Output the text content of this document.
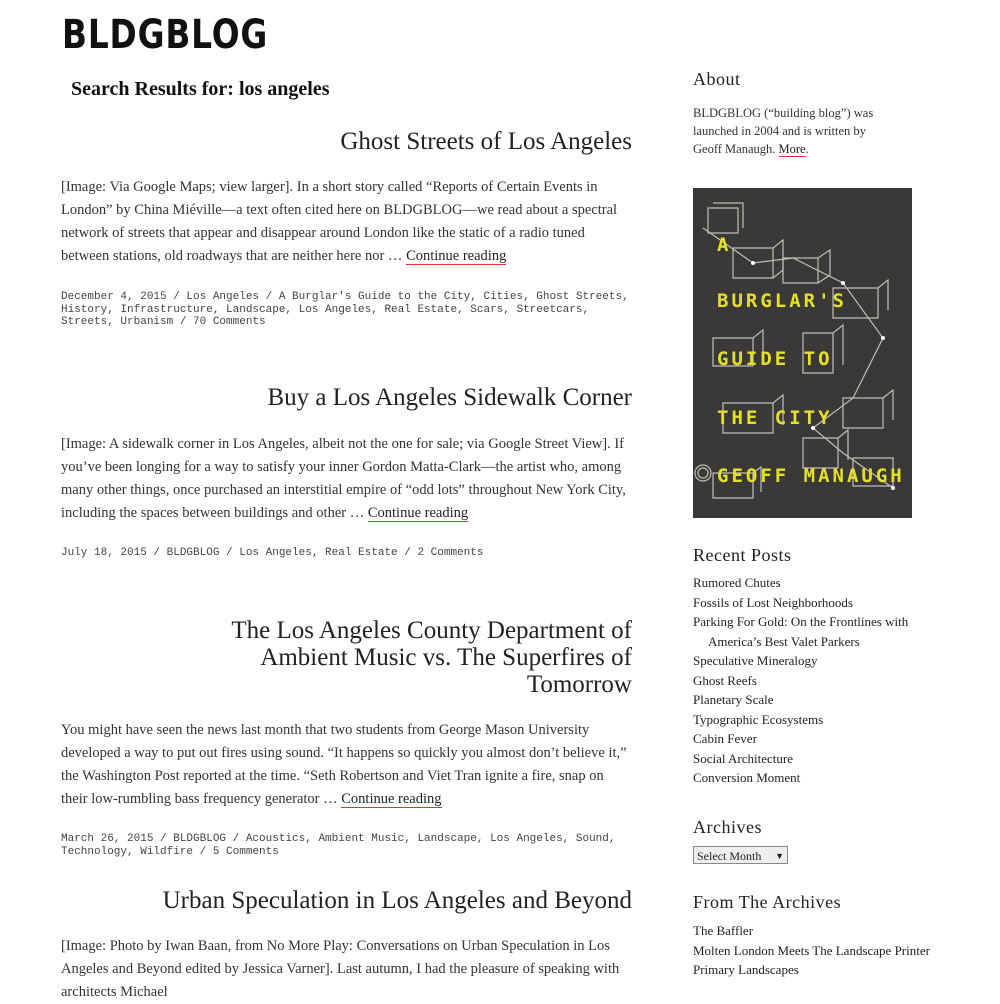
BLDGBLOG
Search Results for: los angeles
Ghost Streets of Los Angeles

[Image: Via Google Maps; view larger]. In a short story called “Reports of Certain Events in London” by China Miéville—a text often cited here on BLDGBLOG—we read about a spectral network of streets that appear and disappear around London like the static of a radio tuned between stations, old roadways that are neither here nor … Continue reading

December 4, 2015 / Los Angeles / A Burglar's Guide to the City, Cities, Ghost Streets, History, Infrastructure, Landscape, Los Angeles, Real Estate, Scars, Streetcars, Streets, Urbanism / 70 Comments
Buy a Los Angeles Sidewalk Corner

[Image: A sidewalk corner in Los Angeles, albeit not the one for sale; via Google Street View]. If you’ve been longing for a way to satisfy your inner Gordon Matta-Clark—the artist who, among many other things, once purchased an interstitial empire of “odd lots” throughout New York City, including the spaces between buildings and other … Continue reading

July 18, 2015 / BLDGBLOG / Los Angeles, Real Estate / 2 Comments
The Los Angeles County Department of Ambient Music vs. The Superfires of Tomorrow

You might have seen the news last month that two students from George Mason University developed a way to put out fires using sound. “It happens so quickly you almost don’t believe it,” the Washington Post reported at the time. “Seth Robertson and Viet Tran ignite a fire, snap on their low-rumbling bass frequency generator … Continue reading

March 26, 2015 / BLDGBLOG / Acoustics, Ambient Music, Landscape, Los Angeles, Sound, Technology, Wildfire / 5 Comments
Urban Speculation in Los Angeles and Beyond

[Image: Photo by Iwan Baan, from No More Play: Conversations on Urban Speculation in Los Angeles and Beyond edited by Jessica Varner]. Last autumn, I had the pleasure of speaking with architects Michael

About
BLDGBLOG (“building blog”) was launched in 2004 and is written by Geoff Manaugh. More.
A
BURGLAR'S
GUIDE TO
THE CITY
GEOFF MANAUGH
Recent Posts
Rumored Chutes
Fossils of Lost Neighborhoods
Parking For Gold: On the Frontlines with America’s Best Valet Parkers
Speculative Mineralogy
Ghost Reefs
Planetary Scale
Typographic Ecosystems
Cabin Fever
Social Architecture
Conversion Moment
Archives
Select Month ▼
From The Archives
The Baffler
Molten London Meets The Landscape Printer
Primary Landscapes
